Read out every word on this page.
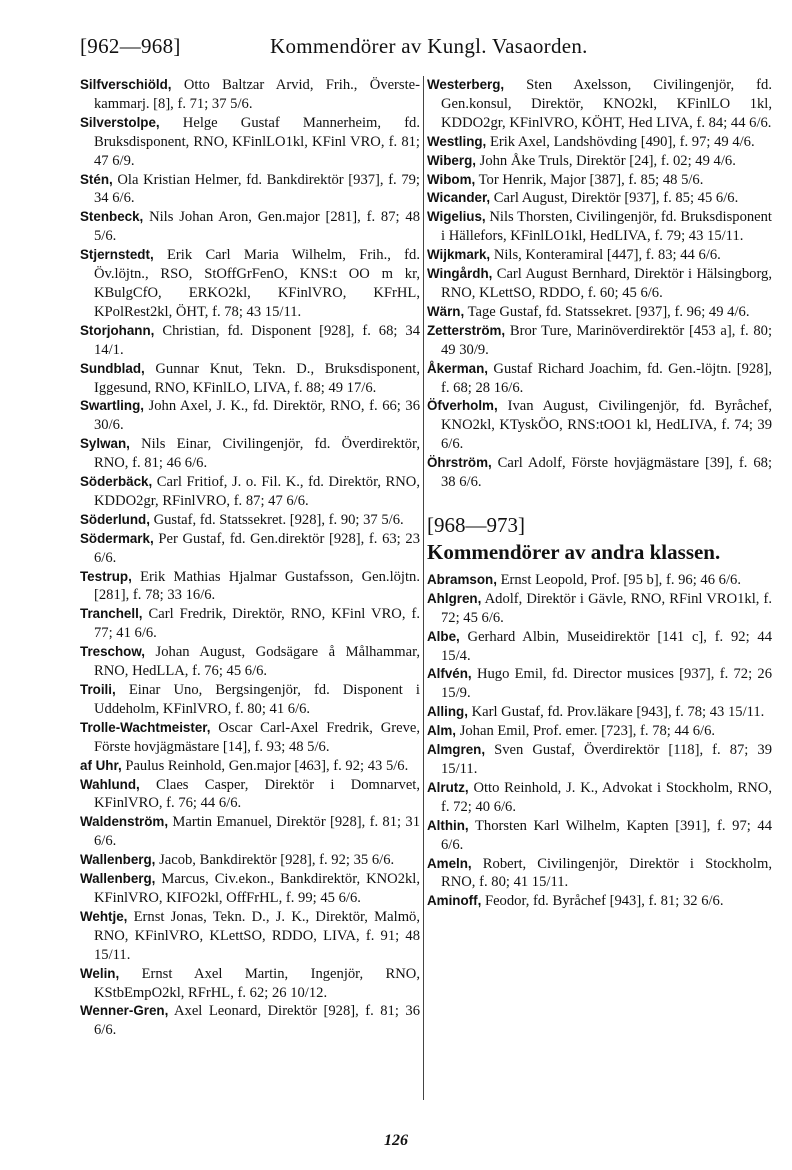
[962—968]	Kommendörer av Kungl. Vasaorden.

Silfverschiöld, Otto Baltzar Arvid, Frih., Överste-kammarj. [8], f. 71; 37 5/6.

Silverstolpe, Helge Gustaf Mannerheim, fd. Bruksdisponent, RNO, KFinlLO1kl, KFinl VRO, f. 81; 47 6/9.

Stén, Ola Kristian Helmer, fd. Bankdirektör [937], f. 79; 34 6/6.

Stenbeck, Nils Johan Aron, Gen.major [281], f. 87; 48 5/6.

Stjernstedt, Erik Carl Maria Wilhelm, Frih., fd. Öv.löjtn., RSO, StOffGrFenO, KNS:t OO m kr, KBulgCfO, ERKO2kl, KFinlVRO, KFrHL, KPolRest2kl, ÖHT, f. 78; 43 15/11.

Storjohann, Christian, fd. Disponent [928], f. 68; 34 14/1.

Sundblad, Gunnar Knut, Tekn. D., Bruksdisponent, Iggesund, RNO, KFinlLO, LIVA, f. 88; 49 17/6.

Swartling, John Axel, J. K., fd. Direktör, RNO, f. 66; 36 30/6.

Sylwan, Nils Einar, Civilingenjör, fd. Överdirektör, RNO, f. 81; 46 6/6.

Söderbäck, Carl Fritiof, J. o. Fil. K., fd. Direktör, RNO, KDDO2gr, RFinlVRO, f. 87; 47 6/6.

Söderlund, Gustaf, fd. Statssekret. [928], f. 90; 37 5/6.

Södermark, Per Gustaf, fd. Gen.direktör [928], f. 63; 23 6/6.

Testrup, Erik Mathias Hjalmar Gustafsson, Gen.löjtn. [281], f. 78; 33 16/6.

Tranchell, Carl Fredrik, Direktör, RNO, KFinl VRO, f. 77; 41 6/6.

Treschow, Johan August, Godsägare å Målhammar, RNO, HedLLA, f. 76; 45 6/6.

Troili, Einar Uno, Bergsingenjör, fd. Disponent i Uddeholm, KFinlVRO, f. 80; 41 6/6.

Trolle-Wachtmeister, Oscar Carl-Axel Fredrik, Greve, Förste hovjägmästare [14], f. 93; 48 5/6.

af Uhr, Paulus Reinhold, Gen.major [463], f. 92; 43 5/6.

Wahlund, Claes Casper, Direktör i Domnarvet, KFinlVRO, f. 76; 44 6/6.

Waldenström, Martin Emanuel, Direktör [928], f. 81; 31 6/6.

Wallenberg, Jacob, Bankdirektör [928], f. 92; 35 6/6.

Wallenberg, Marcus, Civ.ekon., Bankdirektör, KNO2kl, KFinlVRO, KIFO2kl, OffFrHL, f. 99; 45 6/6.

Wehtje, Ernst Jonas, Tekn. D., J. K., Direktör, Malmö, RNO, KFinlVRO, KLettSO, RDDO, LIVA, f. 91; 48 15/11.

Welin, Ernst Axel Martin, Ingenjör, RNO, KStbEmpO2kl, RFrHL, f. 62; 26 10/12.

Wenner-Gren, Axel Leonard, Direktör [928], f. 81; 36 6/6.

Westerberg, Sten Axelsson, Civilingenjör, fd. Gen.konsul, Direktör, KNO2kl, KFinlLO 1kl, KDDO2gr, KFinlVRO, KÖHT, Hed LIVA, f. 84; 44 6/6.

Westling, Erik Axel, Landshövding [490], f. 97; 49 4/6.

Wiberg, John Åke Truls, Direktör [24], f. 02; 49 4/6.

Wibom, Tor Henrik, Major [387], f. 85; 48 5/6.

Wicander, Carl August, Direktör [937], f. 85; 45 6/6.

Wigelius, Nils Thorsten, Civilingenjör, fd. Bruksdisponent i Hällefors, KFinlLO1kl, HedLIVA, f. 79; 43 15/11.

Wijkmark, Nils, Konteramiral [447], f. 83; 44 6/6.

Wingårdh, Carl August Bernhard, Direktör i Hälsingborg, RNO, KLettSO, RDDO, f. 60; 45 6/6.

Wärn, Tage Gustaf, fd. Statssekret. [937], f. 96; 49 4/6.

Zetterström, Bror Ture, Marinöverdirektör [453 a], f. 80; 49 30/9.

Åkerman, Gustaf Richard Joachim, fd. Gen.-löjtn. [928], f. 68; 28 16/6.

Öfverholm, Ivan August, Civilingenjör, fd. Byråchef, KNO2kl, KTyskÖO, RNS:tOO1 kl, HedLIVA, f. 74; 39 6/6.

Öhrström, Carl Adolf, Förste hovjägmästare [39], f. 68; 38 6/6.

[968—973]
Kommendörer av andra klassen.

Abramson, Ernst Leopold, Prof. [95 b], f. 96; 46 6/6.

Ahlgren, Adolf, Direktör i Gävle, RNO, RFinl VRO1kl, f. 72; 45 6/6.

Albe, Gerhard Albin, Museidirektör [141 c], f. 92; 44 15/4.

Alfvén, Hugo Emil, fd. Director musices [937], f. 72; 26 15/9.

Alling, Karl Gustaf, fd. Prov.läkare [943], f. 78; 43 15/11.

Alm, Johan Emil, Prof. emer. [723], f. 78; 44 6/6.

Almgren, Sven Gustaf, Överdirektör [118], f. 87; 39 15/11.

Alrutz, Otto Reinhold, J. K., Advokat i Stockholm, RNO, f. 72; 40 6/6.

Althin, Thorsten Karl Wilhelm, Kapten [391], f. 97; 44 6/6.

Ameln, Robert, Civilingenjör, Direktör i Stockholm, RNO, f. 80; 41 15/11.

Aminoff, Feodor, fd. Byråchef [943], f. 81; 32 6/6.

126
